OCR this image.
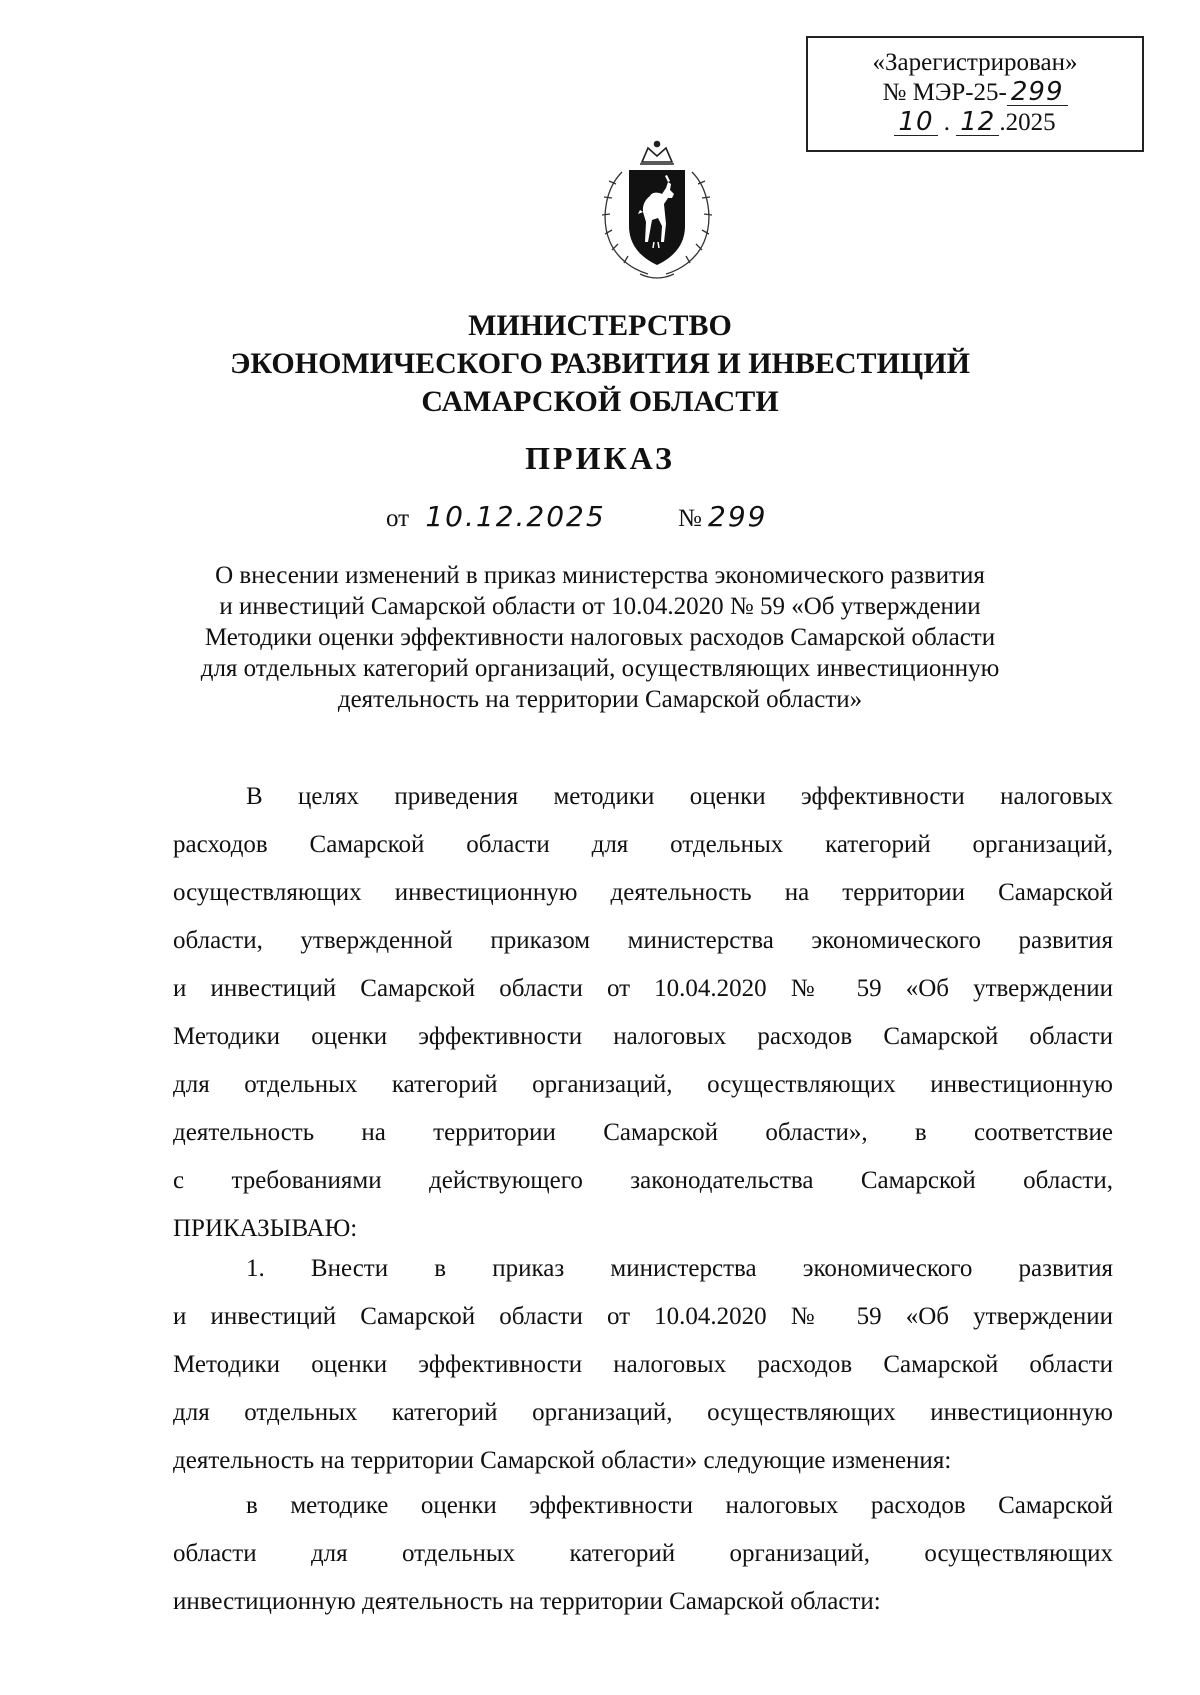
«Зарегистрирован»
№ МЭР-25- 299
10 . 12 .2025
МИНИСТЕРСТВО
ЭКОНОМИЧЕСКОГО РАЗВИТИЯ И ИНВЕСТИЦИЙ
САМАРСКОЙ ОБЛАСТИ
ПРИКАЗ
от 10.12.2025	№ 299
О внесении изменений в приказ министерства экономического развития
и инвестиций Самарской области от 10.04.2020 № 59 «Об утверждении
Методики оценки эффективности налоговых расходов Самарской области
для отдельных категорий организаций, осуществляющих инвестиционную
деятельность на территории Самарской области»
В целях приведения методики оценки эффективности налоговых
расходов Самарской области для отдельных категорий организаций,
осуществляющих инвестиционную деятельность на территории Самарской
области, утвержденной приказом министерства экономического развития
и инвестиций Самарской области от 10.04.2020 № 59 «Об утверждении
Методики оценки эффективности налоговых расходов Самарской области
для отдельных категорий организаций, осуществляющих инвестиционную
деятельность на территории Самарской области», в соответствие
с требованиями действующего законодательства Самарской области,
ПРИКАЗЫВАЮ:
1. Внести в приказ министерства экономического развития
и инвестиций Самарской области от 10.04.2020 № 59 «Об утверждении
Методики оценки эффективности налоговых расходов Самарской области
для отдельных категорий организаций, осуществляющих инвестиционную
деятельность на территории Самарской области» следующие изменения:
в методике оценки эффективности налоговых расходов Самарской
области для отдельных категорий организаций, осуществляющих
инвестиционную деятельность на территории Самарской области:
